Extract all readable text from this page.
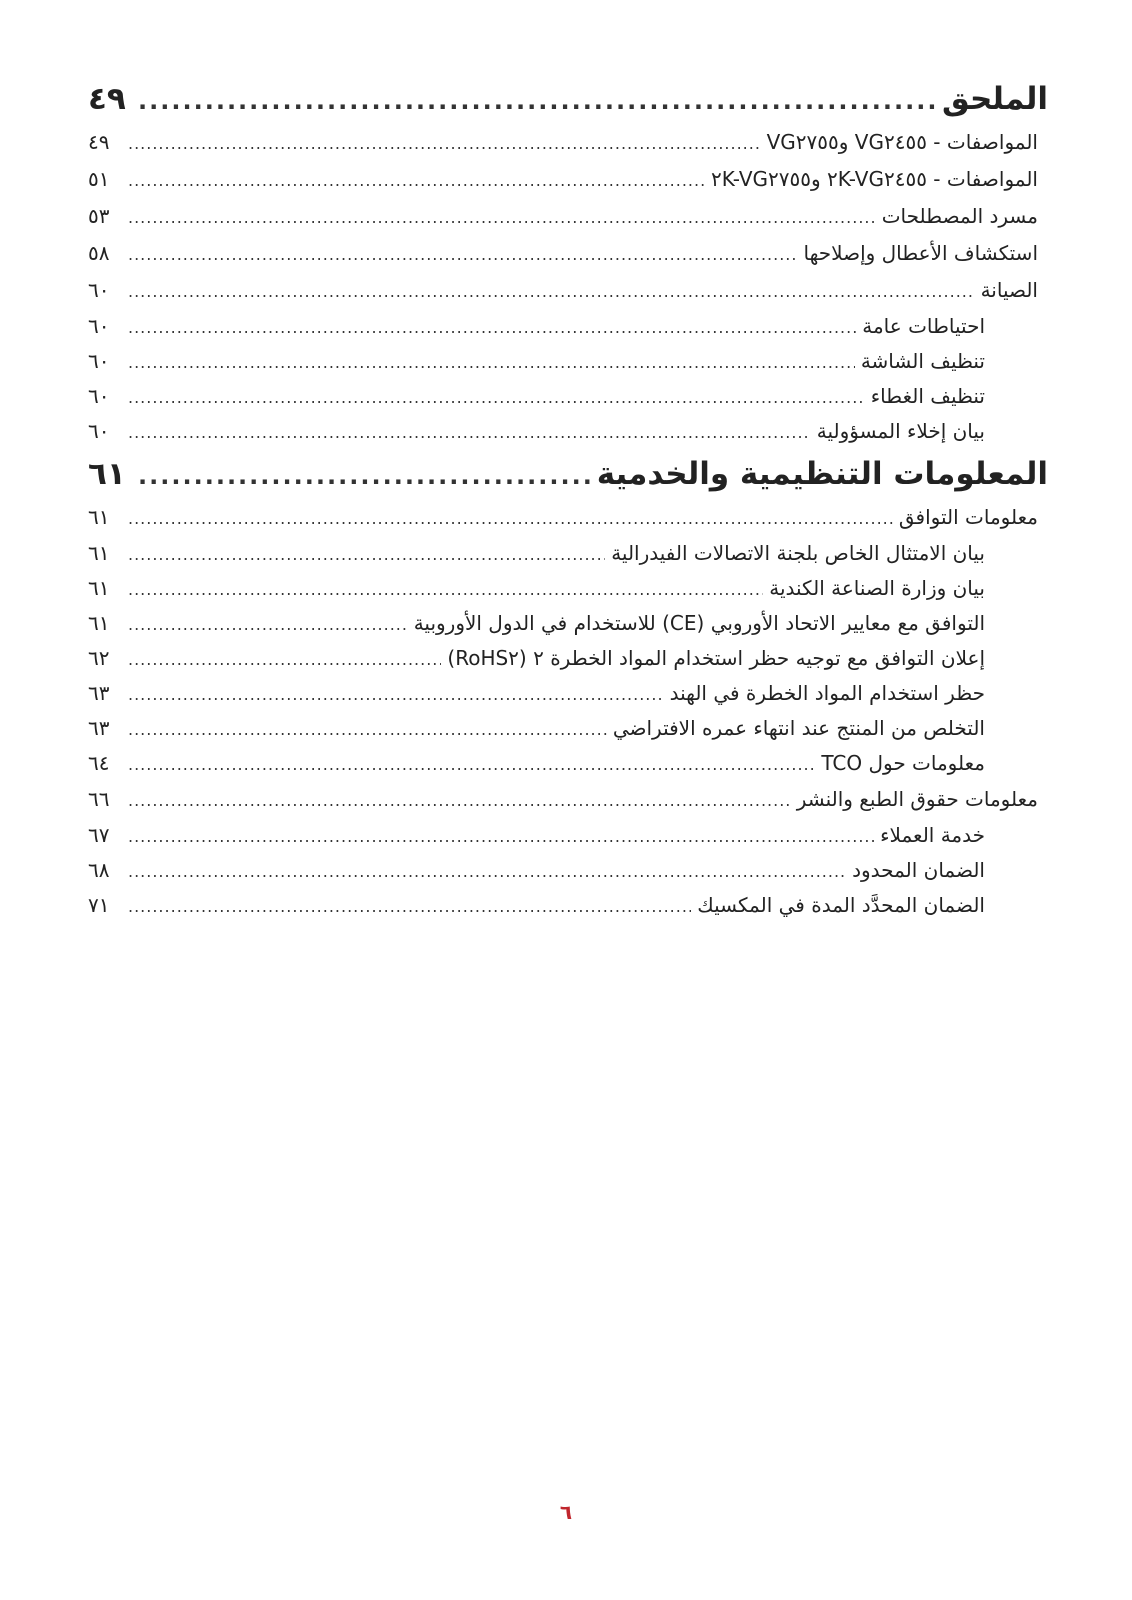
الملحق
.....
٤٩
المواصفات - VG٢٤٥٥ وVG٢٧٥٥
.....
٤٩
المواصفات - ٢K-VG٢٤٥٥ و٢K-VG٢٧٥٥
.....
٥١
مسرد المصطلحات
.....
٥٣
استكشاف الأعطال وإصلاحها
.....
٥٨
الصيانة
.....
٦٠
احتياطات عامة
.....
٦٠
تنظيف الشاشة
.....
٦٠
تنظيف الغطاء
.....
٦٠
بيان إخلاء المسؤولية
.....
٦٠
المعلومات التنظيمية والخدمية
.....
٦١
معلومات التوافق
.....
٦١
بيان الامتثال الخاص بلجنة الاتصالات الفيدرالية
.....
٦١
بيان وزارة الصناعة الكندية
.....
٦١
التوافق مع معايير الاتحاد الأوروبي (CE) للاستخدام في الدول الأوروبية
.....
٦١
إعلان التوافق مع توجيه حظر استخدام المواد الخطرة ٢ (RoHS٢)
.....
٦٢
حظر استخدام المواد الخطرة في الهند
.....
٦٣
التخلص من المنتج عند انتهاء عمره الافتراضي
.....
٦٣
معلومات حول TCO
.....
٦٤
معلومات حقوق الطبع والنشر
.....
٦٦
خدمة العملاء
.....
٦٧
الضمان المحدود
.....
٦٨
الضمان المحدَّد المدة في المكسيك
.....
٧١
٦
